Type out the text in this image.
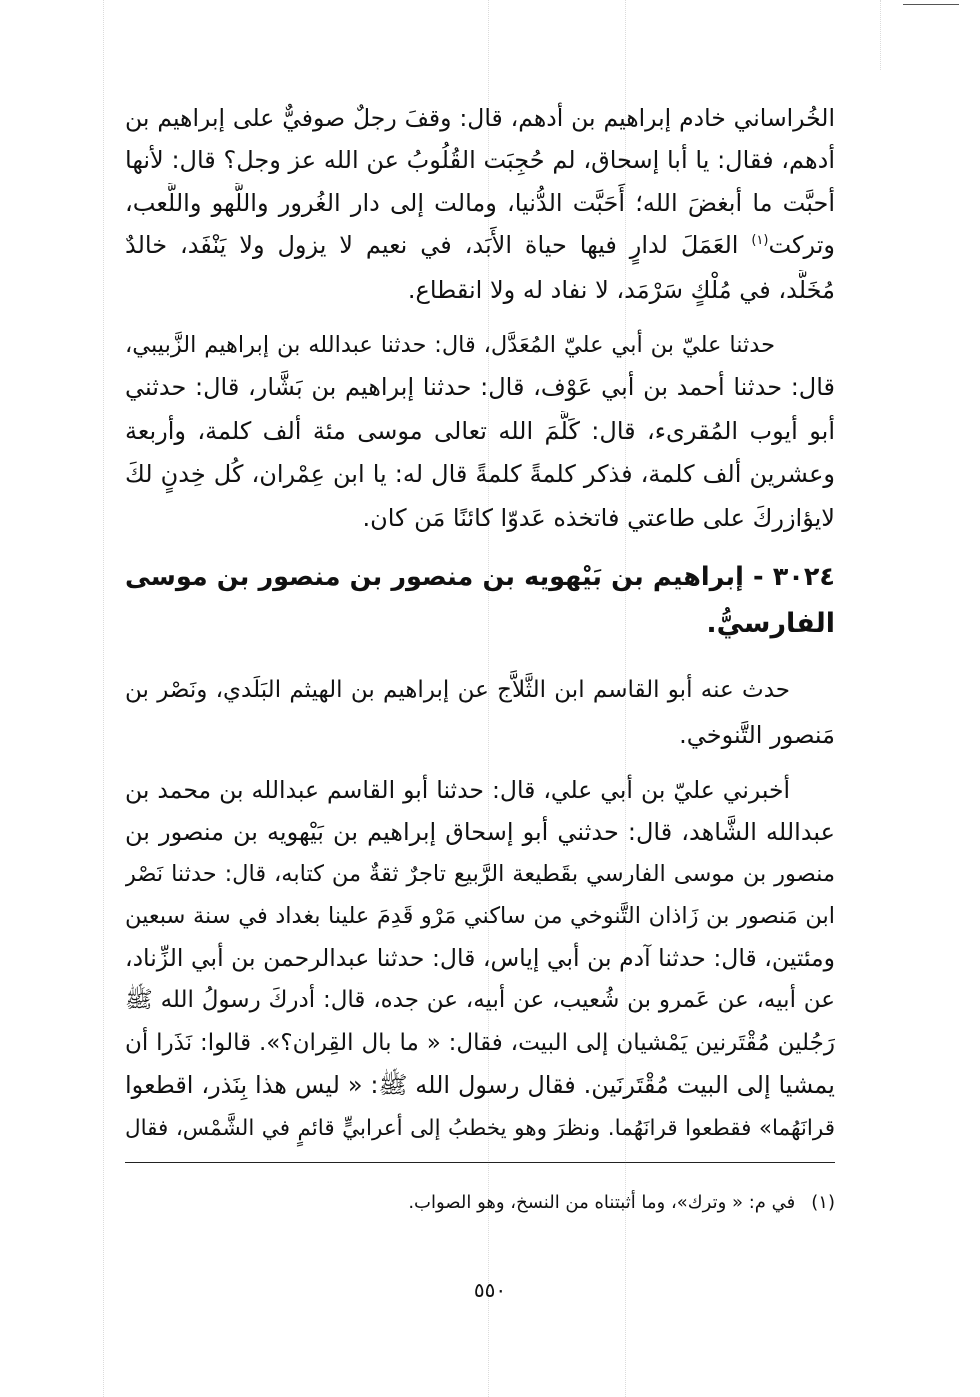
الخُراساني خادم إبراهيم بن أدهم، قال: وقفَ رجلٌ صوفيٌّ على إبراهيم بن
أدهم، فقال: يا أبا إسحاق، لم حُجِبَت القُلُوبُ عن الله عز وجل؟ قال: لأنها
أحبَّت ما أبغضَ الله؛ أَحَبَّت الدُّنيا، ومالت إلى دار الغُرور واللَّهو واللَّعب،
وتركت$^{(١)}$ العَمَلَ لدارٍ فيها حياة الأَبَد، في نعيم لا يزول ولا يَنْفَد، خالدٌ
مُخَلَّد، في مُلْكٍ سَرْمَد، لا نفاد له ولا انقطاع.
حدثنا عليّ بن أبي عليّ المُعَدَّل، قال: حدثنا عبدالله بن إبراهيم الزَّبيبي،
قال: حدثنا أحمد بن أبي عَوْف، قال: حدثنا إبراهيم بن بَشَّار، قال: حدثني
أبو أيوب المُقرىء، قال: كَلَّمَ الله تعالى موسى مئة ألف كلمة، وأربعة
وعشرين ألف كلمة، فذكر كلمةً كلمةً قال له: يا ابن عِمْران، كُل خِدنٍ لكَ
لايؤازركَ على طاعتي فاتخذه عَدوّا كائنًا مَن كان.
٣٠٢٤ - إبراهيم بن بَيْهويه بن منصور بن منصور بن موسى
الفارسيُّ.
حدث عنه أبو القاسم ابن الثَّلاَّج عن إبراهيم بن الهيثم البَلَدي، ونَصْر بن
مَنصور التَّنوخي.
أخبرني عليّ بن أبي علي، قال: حدثنا أبو القاسم عبدالله بن محمد بن
عبدالله الشَّاهد، قال: حدثني أبو إسحاق إبراهيم بن بَيْهويه بن منصور بن
منصور بن موسى الفارسي بقَطيعة الرَّبيع تاجرٌ ثقةٌ من كتابه، قال: حدثنا نَصْر
ابن مَنصور بن زَاذان التَّنوخي من ساكني مَرْو قَدِمَ علينا بغداد في سنة سبعين
ومئتين، قال: حدثنا آدم بن أبي إياس، قال: حدثنا عبدالرحمن بن أبي الزِّناد،
عن أبيه، عن عَمرو بن شُعيب، عن أبيه، عن جده، قال: أدركَ رسولُ الله ﷺ
رَجُلين مُقْتَرنين يَمْشيان إلى البيت، فقال: « ما بال القِران؟». قالوا: نَذَرا أن
يمشيا إلى البيت مُقْتَرنَين. فقال رسول الله ﷺ: « ليس هذا بِنَذر، اقطعوا
قرانَهُما» فقطعوا قرانَهُما. ونظرَ وهو يخطبُ إلى أعرابيٍّ قائمٍ في الشَّمْس، فقال
(١)في م: « وترك»، وما أثبتناه من النسخ، وهو الصواب.
٥٥٠
